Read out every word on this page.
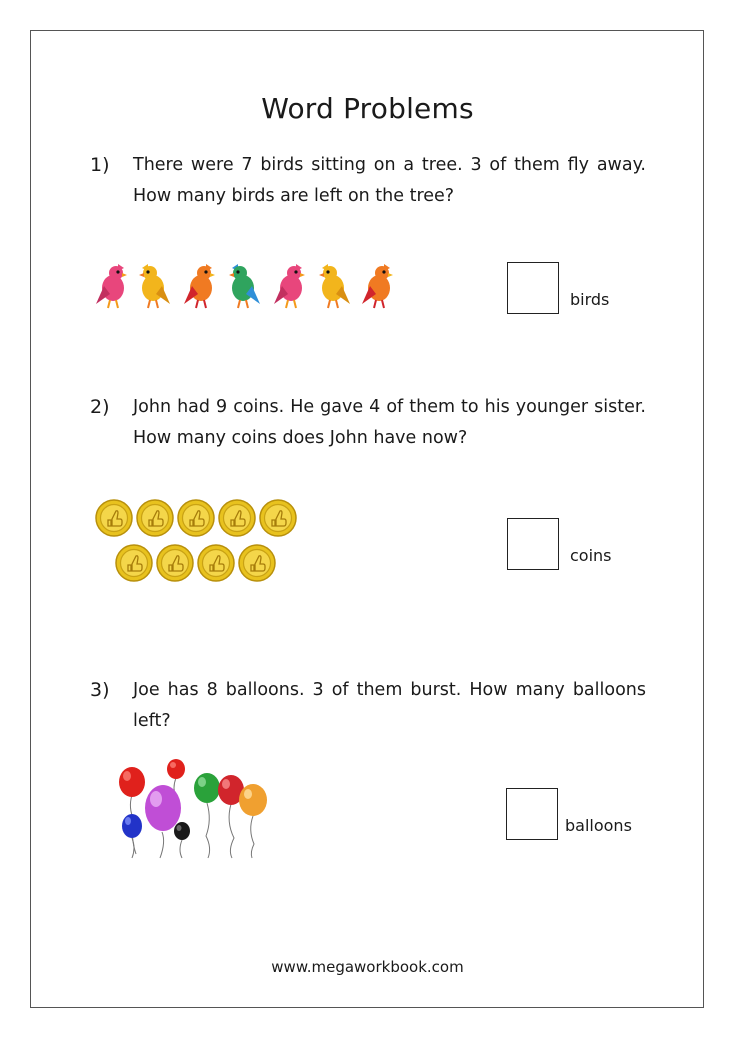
Word Problems
1) There were 7 birds sitting on a tree. 3 of them fly away. How many birds are left on the tree?
birds
2) John had 9 coins. He gave 4 of them to his younger sister. How many coins does John have now?
coins
3) Joe has 8 balloons. 3 of them burst. How many balloons left?
balloons
www.megaworkbook.com
